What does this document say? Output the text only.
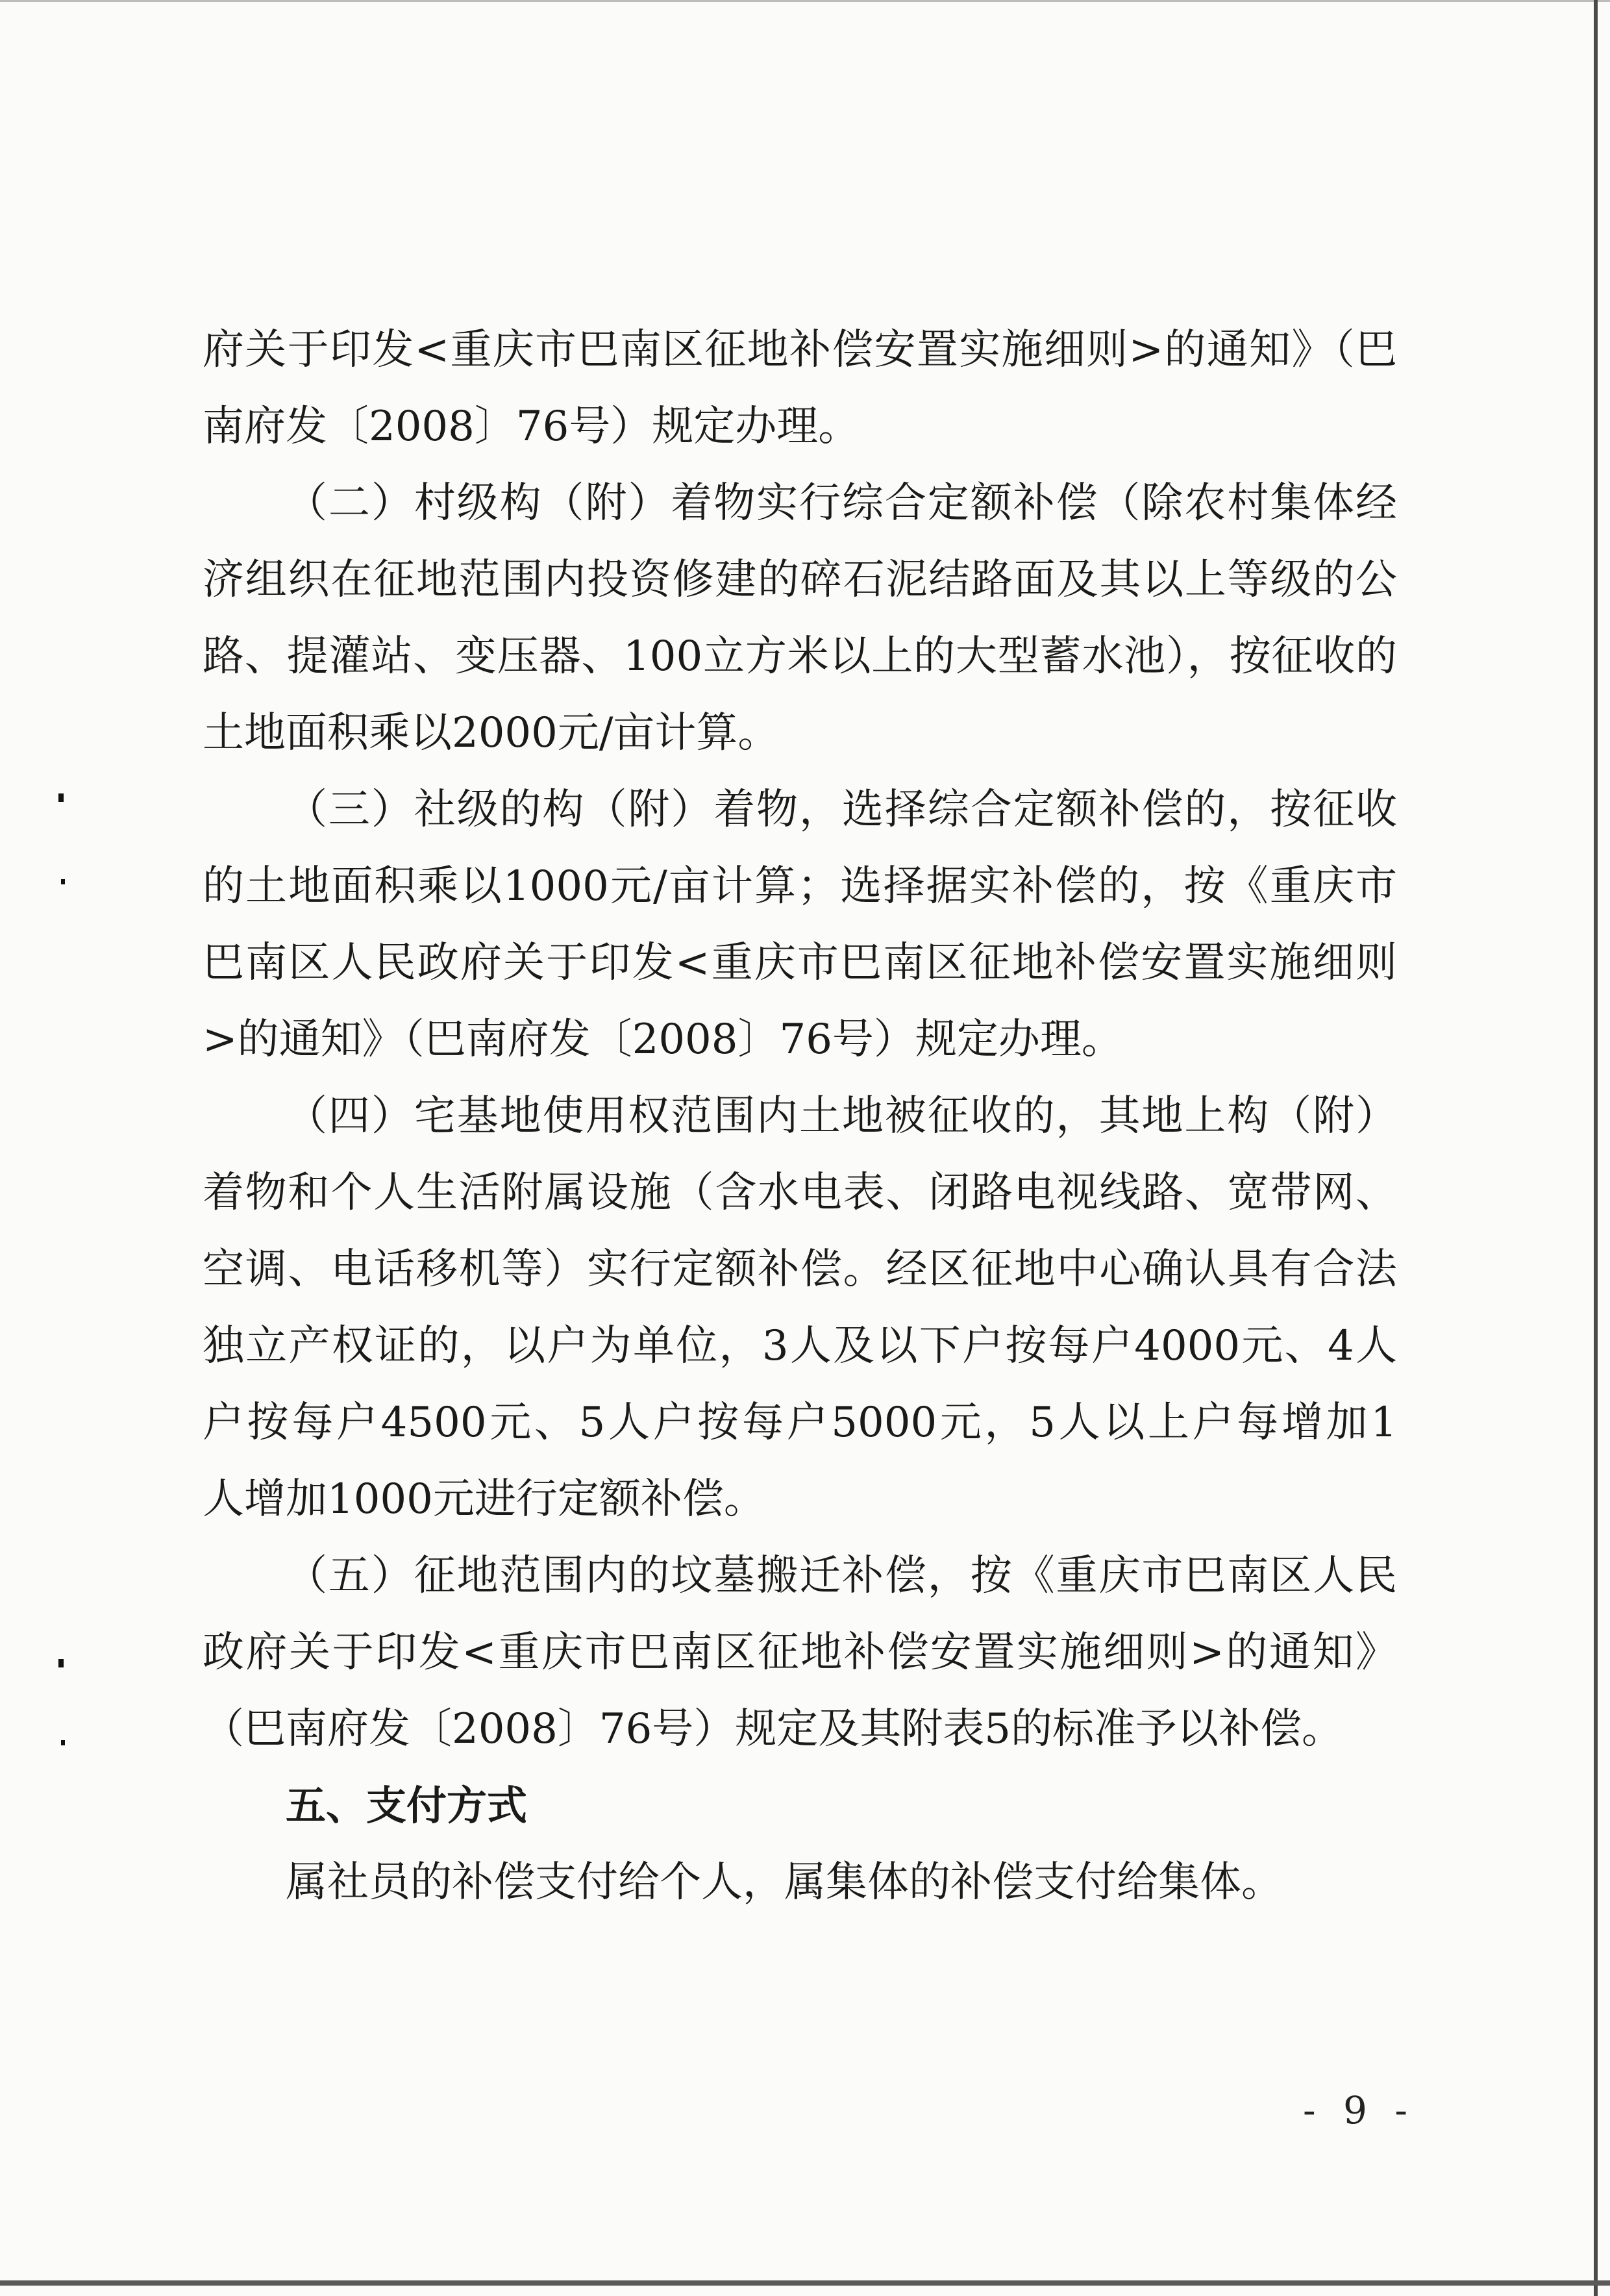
府关于印发<重庆市巴南区征地补偿安置实施细则>的通知》（巴

南府发〔2008〕76号）规定办理。

（二）村级构（附）着物实行综合定额补偿（除农村集体经

济组织在征地范围内投资修建的碎石泥结路面及其以上等级的公

路、提灌站、变压器、100立方米以上的大型蓄水池），按征收的

土地面积乘以2000元/亩计算。

（三）社级的构（附）着物，选择综合定额补偿的，按征收

的土地面积乘以1000元/亩计算；选择据实补偿的，按《重庆市

巴南区人民政府关于印发<重庆市巴南区征地补偿安置实施细则

>的通知》（巴南府发〔2008〕76号）规定办理。

（四）宅基地使用权范围内土地被征收的，其地上构（附）

着物和个人生活附属设施（含水电表、闭路电视线路、宽带网、

空调、电话移机等）实行定额补偿。经区征地中心确认具有合法

独立产权证的，以户为单位，3人及以下户按每户4000元、4人

户按每户4500元、5人户按每户5000元，5人以上户每增加1

人增加1000元进行定额补偿。

（五）征地范围内的坟墓搬迁补偿，按《重庆市巴南区人民

政府关于印发<重庆市巴南区征地补偿安置实施细则>的通知》

（巴南府发〔2008〕76号）规定及其附表5的标准予以补偿。

五、支付方式

属社员的补偿支付给个人，属集体的补偿支付给集体。

- 9 -
